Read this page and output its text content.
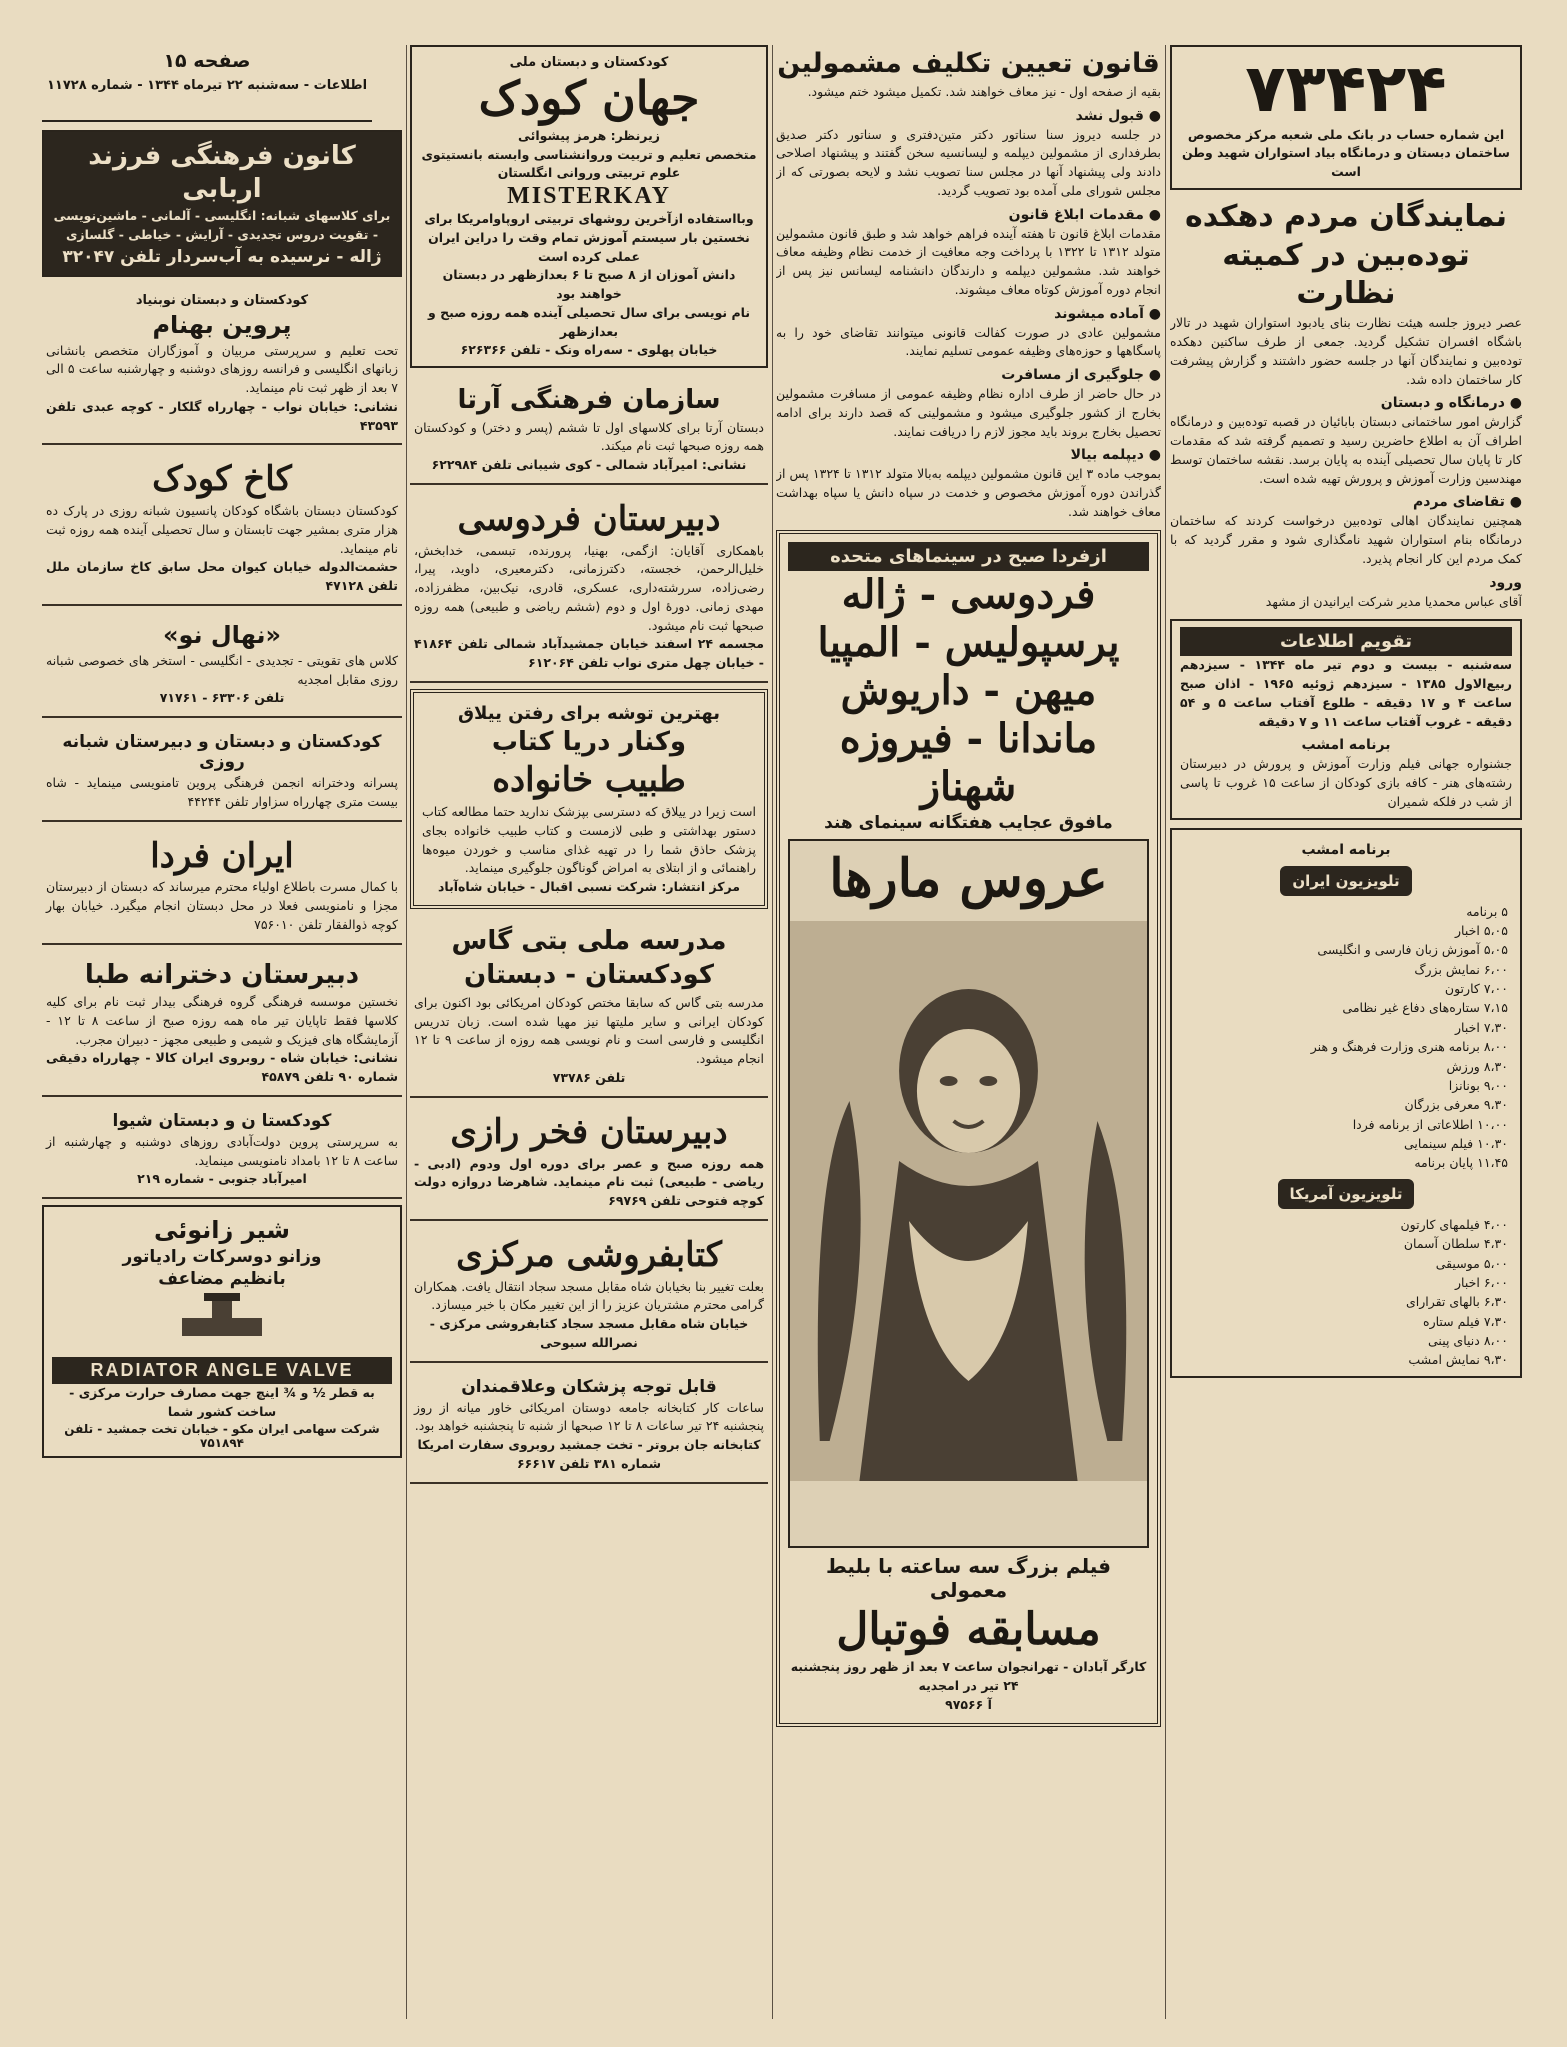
صفحه ۱۵
اطلاعات - سه‌شنبه ۲۲ تیرماه ۱۳۴۴ - شماره ۱۱۷۲۸	۷۳۴۲۴
این شماره حساب در بانک ملی شعبه مرکز مخصوص ساختمان دبستان و درمانگاه بیاد استواران شهید وطن است
نمایندگان مردم دهکده
توده‌بین در کمیته نظارت
عصر دیروز جلسه هیئت نظارت بنای یادبود استواران شهید در تالار باشگاه افسران تشکیل گردید. جمعی از طرف ساکنین دهکده توده‌بین و نمایندگان آنها در جلسه حضور داشتند و گزارش پیشرفت کار ساختمان داده شد.
● درمانگاه و دبستان
گزارش امور ساختمانی دبستان بابائیان در قصبه توده‌بین و درمانگاه اطراف آن به اطلاع حاضرین رسید و تصمیم گرفته شد که مقدمات کار تا پایان سال تحصیلی آینده به پایان برسد. نقشه ساختمان توسط مهندسین وزارت آموزش و پرورش تهیه شده است.
● تقاضای مردم
همچنین نمایندگان اهالی توده‌بین درخواست کردند که ساختمان درمانگاه بنام استواران شهید نامگذاری شود و مقرر گردید که با کمک مردم این کار انجام پذیرد.
ورود
آقای عباس محمدیا مدیر شرکت ایرانیدن از مشهد
تقویم اطلاعات
سه‌شنبه - بیست و دوم تیر ماه ۱۳۴۴ - سیزدهم ربیع‌الاول ۱۳۸۵ - سیزدهم ژوئیه ۱۹۶۵ - اذان صبح ساعت ۴ و ۱۷ دقیقه - طلوع آفتاب ساعت ۵ و ۵۴ دقیقه - غروب آفتاب ساعت ۱۱ و ۷ دقیقه
برنامه امشب
جشنواره جهانی فیلم وزارت آموزش و پرورش در دبیرستان رشته‌های هنر - کافه بازی کودکان از ساعت ۱۵ غروب تا پاسی از شب در فلکه شمیران
برنامه امشب
تلویزیون ایران
۵ برنامه
۵،۰۵ اخبار
۵،۰۵ آموزش زبان فارسی و انگلیسی
۶،۰۰ نمایش بزرگ
۷،۰۰ کارتون
۷،۱۵ ستاره‌های دفاع غیر نظامی
۷،۳۰ اخبار
۸،۰۰ برنامه هنری وزارت فرهنگ و هنر
۸،۳۰ ورزش
۹،۰۰ بونانزا
۹،۳۰ معرفی بزرگان
۱۰،۰۰ اطلاعاتی از برنامه فردا
۱۰،۳۰ فیلم سینمایی
۱۱،۴۵ پایان برنامه
تلویزیون آمریکا
۴،۰۰ فیلمهای کارتون
۴،۳۰ سلطان آسمان
۵،۰۰ موسیقی
۶،۰۰ اخبار
۶،۳۰ بالهای تقرارای
۷،۳۰ فیلم ستاره
۸،۰۰ دنیای پینی
۹،۳۰ نمایش امشب
قانون تعیین تکلیف مشمولین
بقیه از صفحه اول - نیز معاف خواهند شد. تکمیل میشود ختم میشود.
● قبول نشد
در جلسه دیروز سنا سناتور دکتر متین‌دفتری و سناتور دکتر صدیق بطرفداری از مشمولین دیپلمه و لیسانسیه سخن گفتند و پیشنهاد اصلاحی دادند ولی پیشنهاد آنها در مجلس سنا تصویب نشد و لایحه بصورتی که از مجلس شورای ملی آمده بود تصویب گردید.
● مقدمات ابلاغ قانون
مقدمات ابلاغ قانون تا هفته آینده فراهم خواهد شد و طبق قانون مشمولین متولد ۱۳۱۲ تا ۱۳۲۲ با پرداخت وجه معافیت از خدمت نظام وظیفه معاف خواهند شد. مشمولین دیپلمه و دارندگان دانشنامه لیسانس نیز پس از انجام دوره آموزش کوتاه معاف میشوند.
● آماده میشوند
مشمولین عادی در صورت کفالت قانونی میتوانند تقاضای خود را به پاسگاهها و حوزه‌های وظیفه عمومی تسلیم نمایند.
● جلوگیری از مسافرت
در حال حاضر از طرف اداره نظام وظیفه عمومی از مسافرت مشمولین بخارج از کشور جلوگیری میشود و مشمولینی که قصد دارند برای ادامه تحصیل بخارج بروند باید مجوز لازم را دریافت نمایند.
● دیپلمه بیالا
بموجب ماده ۳ این قانون مشمولین دیپلمه به‌بالا متولد ۱۳۱۲ تا ۱۳۲۴ پس از گذراندن دوره آموزش مخصوص و خدمت در سپاه دانش یا سپاه بهداشت معاف خواهند شد.
ازفردا صبح در سینماهای متحده
فردوسی - ژاله
پرسپولیس - المپیا
میهن - داریوش
ماندانا - فیروزه
شهناز
مافوق عجایب هفتگانه سینمای هند
عروس مارها
فیلم بزرگ سه ساعته با بلیط معمولی
مسابقه فوتبال
کارگر آبادان - تهرانجوان ساعت ۷ بعد از ظهر روز پنجشنبه ۲۴ تیر در امجدیه
آ ۹۷۵۶۶
کودکستان و دبستان ملی
جهان کودک
زیرنظر: هرمز پیشوائی
متخصص تعلیم و تربیت وروانشناسی وابسته بانستیتوی علوم تربیتی وروانی انگلستان
MISTERKAY
وبااستفاده ازآخرین روشهای تربیتی اروپاوامریکا برای نخستین بار سیستم آموزش تمام وقت را دراین ایران عملی کرده است
دانش آموزان از ۸ صبح تا ۶ بعدازظهر در دبستان خواهند بود
نام نویسی برای سال تحصیلی آینده همه روزه صبح و بعدازظهر
خیابان پهلوی - سه‌راه ونک - تلفن ۶۲۶۳۶۶
سازمان فرهنگی آرتا
دبستان آرتا برای کلاسهای اول تا ششم (پسر و دختر) و کودکستان همه روزه صبحها ثبت نام میکند.
نشانی: امیرآباد شمالی - کوی شیبانی تلفن ۶۲۲۹۸۴
دبیرستان فردوسی
باهمکاری آقایان: ازگمی، بهنیا، پرورنده، تبسمی، خدابخش، خلیل‌الرحمن، خجسته، دکترزمانی، دکترمعیری، داوید، پیرا، رضی‌زاده، سررشته‌داری، عسکری، قادری، نیک‌بین، مظفرزاده، مهدی زمانی. دورهٔ اول و دوم (ششم ریاضی و طبیعی) همه روزه صبحها ثبت نام میشود.
مجسمه ۲۴ اسفند خیابان جمشیدآباد شمالی تلفن ۴۱۸۶۴ - خیابان چهل متری نواب تلفن ۶۱۲۰۶۴
بهترین توشه برای رفتن ییلاق
وکنار دریا کتاب
طبیب خانواده
است زیرا در ییلاق که دسترسی بپزشک ندارید حتما مطالعه کتاب دستور بهداشتی و طبی لازمست و کتاب طبیب خانواده بجای پزشک حاذق شما را در تهیه غذای مناسب و خوردن میوه‌ها راهنمائی و از ابتلای به امراض گوناگون جلوگیری مینماید.
مرکز انتشار: شرکت نسبی اقبال - خیابان شاه‌آباد
مدرسه ملی بتی گاس
کودکستان - دبستان
مدرسه بتی گاس که سابقا مختص کودکان امریکائی بود اکنون برای کودکان ایرانی و سایر ملیتها نیز مهیا شده است. زبان تدریس انگلیسی و فارسی است و نام نویسی همه روزه از ساعت ۹ تا ۱۲ انجام میشود.
تلفن ۷۳۷۸۶
دبیرستان فخر رازی
همه روزه صبح و عصر برای دوره اول ودوم (ادبی - ریاضی - طبیعی) ثبت نام مینماید. شاهرضا دروازه دولت کوچه فتوحی تلفن ۶۹۷۶۹
کتابفروشی مرکزی
بعلت تغییر بنا بخیابان شاه مقابل مسجد سجاد انتقال یافت. همکاران گرامی محترم مشتریان عزیز را از این تغییر مکان با خبر میسازد.
خیابان شاه مقابل مسجد سجاد کتابفروشی مرکزی - نصرالله سبوحی
قابل توجه پزشکان وعلاقمندان
ساعات کار کتابخانه جامعه دوستان امریکائی خاور میانه از روز پنجشنبه ۲۴ تیر ساعات ۸ تا ۱۲ صبحها از شنبه تا پنجشنبه خواهد بود.
کتابخانه جان بروتر - تخت جمشید روبروی سفارت امریکا شماره ۳۸۱ تلفن ۶۶۶۱۷
کانون فرهنگی فرزند اربابی
برای کلاسهای شبانه: انگلیسی - آلمانی - ماشین‌نویسی - تقویت دروس تجدیدی - آرایش - خیاطی - گلسازی
ژاله - نرسیده به آب‌سردار تلفن ۳۲۰۴۷
کودکستان و دبستان نوبنیاد
پروین بهنام
تحت تعلیم و سرپرستی مربیان و آموزگاران متخصص بانشانی زبانهای انگلیسی و فرانسه روزهای دوشنبه و چهارشنبه ساعت ۵ الی ۷ بعد از ظهر ثبت نام مینماید.
نشانی: خیابان نواب - چهارراه گلکار - کوچه عبدی تلفن ۴۳۵۹۳
کاخ کودک
کودکستان دبستان باشگاه کودکان پانسیون شبانه روزی در پارک ده هزار متری بمشیر جهت تابستان و سال تحصیلی آینده همه روزه ثبت نام مینماید.
حشمت‌الدوله خیابان کیوان محل سابق کاخ سازمان ملل تلفن ۴۷۱۲۸
«نهال نو»
کلاس های تقویتی - تجدیدی - انگلیسی - استخر های خصوصی شبانه روزی مقابل امجدیه
تلفن ۶۳۳۰۶ - ۷۱۷۶۱
کودکستان و دبستان و دبیرستان شبانه روزی
پسرانه ودخترانه انجمن فرهنگی پروین تامنویسی مینماید - شاه بیست متری چهارراه سزاوار تلفن ۴۴۲۴۴
ایران فردا
با کمال مسرت باطلاع اولیاء محترم میرساند که دبستان از دبیرستان مجزا و نامنویسی فعلا در محل دبستان انجام میگیرد. خیابان بهار کوچه ذوالفقار تلفن ۷۵۶۰۱۰
دبیرستان دخترانه طبا
نخستین موسسه فرهنگی گروه فرهنگی بیدار ثبت نام برای کلیه کلاسها فقط تاپایان تیر ماه همه روزه صبح از ساعت ۸ تا ۱۲ - آزمایشگاه های فیزیک و شیمی و طبیعی مجهز - دبیران مجرب.
نشانی: خیابان شاه - روبروی ایران کالا - چهارراه دقیقی شماره ۹۰ تلفن ۴۵۸۷۹
کودکستا ن و دبستان شیوا
به سرپرستی پروین دولت‌آبادی روزهای دوشنبه و چهارشنبه از ساعت ۸ تا ۱۲ بامداد نامنویسی مینماید.
امیرآباد جنوبی - شماره ۲۱۹
شیر زانوئی
وزانو دوسرکات رادیاتور
بانظیم مضاعف
RADIATOR ANGLE VALVE
به قطر ½ و ¾ اینچ جهت مصارف حرارت مرکزی - ساخت کشور شما
شرکت سهامی ایران مکو - خیابان تخت جمشید - تلفن ۷۵۱۸۹۴
